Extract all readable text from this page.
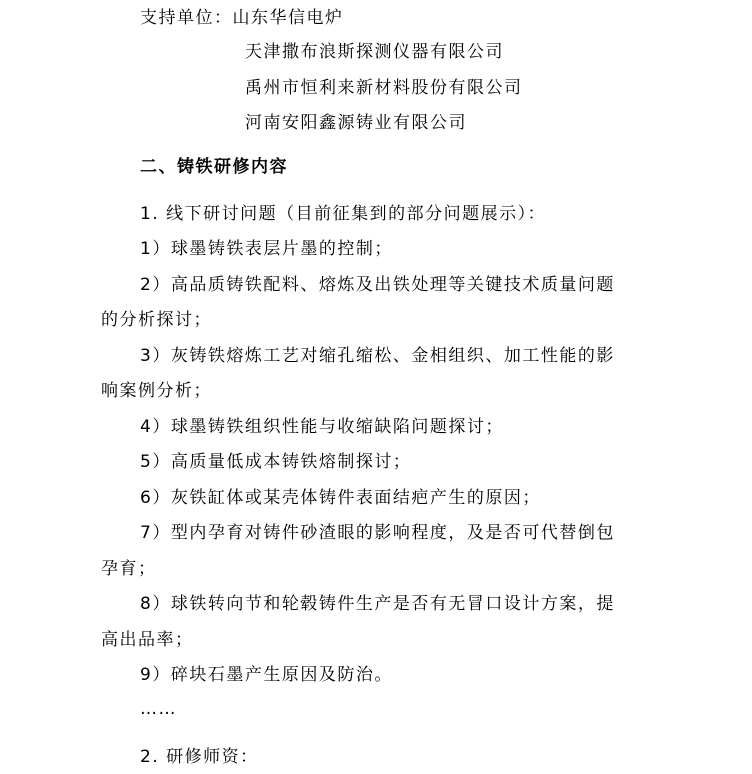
支持单位：山东华信电炉
天津撒布浪斯探测仪器有限公司
禹州市恒利来新材料股份有限公司
河南安阳鑫源铸业有限公司
二、铸铁研修内容
1. 线下研讨问题（目前征集到的部分问题展示）：
1）球墨铸铁表层片墨的控制；
2）高品质铸铁配料、熔炼及出铁处理等关键技术质量问题
的分析探讨；
3）灰铸铁熔炼工艺对缩孔缩松、金相组织、加工性能的影
响案例分析；
4）球墨铸铁组织性能与收缩缺陷问题探讨；
5）高质量低成本铸铁熔制探讨；
6）灰铁缸体或某壳体铸件表面结疤产生的原因；
7）型内孕育对铸件砂渣眼的影响程度，及是否可代替倒包
孕育；
8）球铁转向节和轮毂铸件生产是否有无冒口设计方案，提
高出品率；
9）碎块石墨产生原因及防治。
……
2. 研修师资：
